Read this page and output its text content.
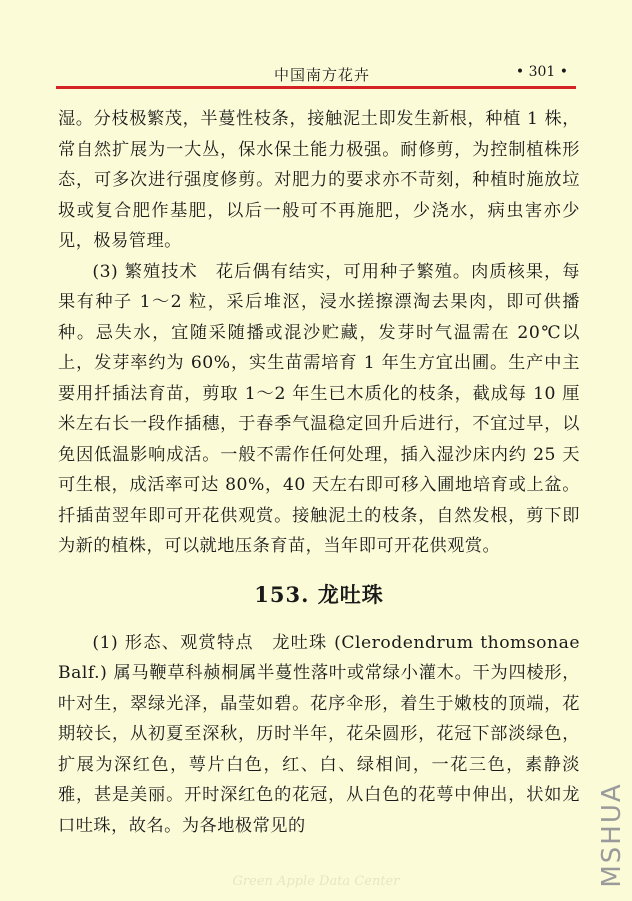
中国南方花卉	• 301 •

湿。分枝极繁茂，半蔓性枝条，接触泥土即发生新根，种植 1 株，常自然扩展为一大丛，保水保土能力极强。耐修剪，为控制植株形态，可多次进行强度修剪。对肥力的要求亦不苛刻，种植时施放垃圾或复合肥作基肥，以后一般可不再施肥，少浇水，病虫害亦少见，极易管理。

(3) 繁殖技术　花后偶有结实，可用种子繁殖。肉质核果，每果有种子 1～2 粒，采后堆沤，浸水搓擦漂淘去果肉，即可供播种。忌失水，宜随采随播或混沙贮藏，发芽时气温需在 20℃以上，发芽率约为 60%，实生苗需培育 1 年生方宜出圃。生产中主要用扦插法育苗，剪取 1～2 年生已木质化的枝条，截成每 10 厘米左右长一段作插穗，于春季气温稳定回升后进行，不宜过早，以免因低温影响成活。一般不需作任何处理，插入湿沙床内约 25 天可生根，成活率可达 80%，40 天左右即可移入圃地培育或上盆。扦插苗翌年即可开花供观赏。接触泥土的枝条，自然发根，剪下即为新的植株，可以就地压条育苗，当年即可开花供观赏。

153. 龙吐珠

(1) 形态、观赏特点　龙吐珠 (Clerodendrum thomsonae Balf.) 属马鞭草科赪桐属半蔓性落叶或常绿小灌木。干为四棱形，叶对生，翠绿光泽，晶莹如碧。花序伞形，着生于嫩枝的顶端，花期较长，从初夏至深秋，历时半年，花朵圆形，花冠下部淡绿色，扩展为深红色，萼片白色，红、白、绿相间，一花三色，素静淡雅，甚是美丽。开时深红色的花冠，从白色的花萼中伸出，状如龙口吐珠，故名。为各地极常见的

Green Apple Data Center	MSHUA
